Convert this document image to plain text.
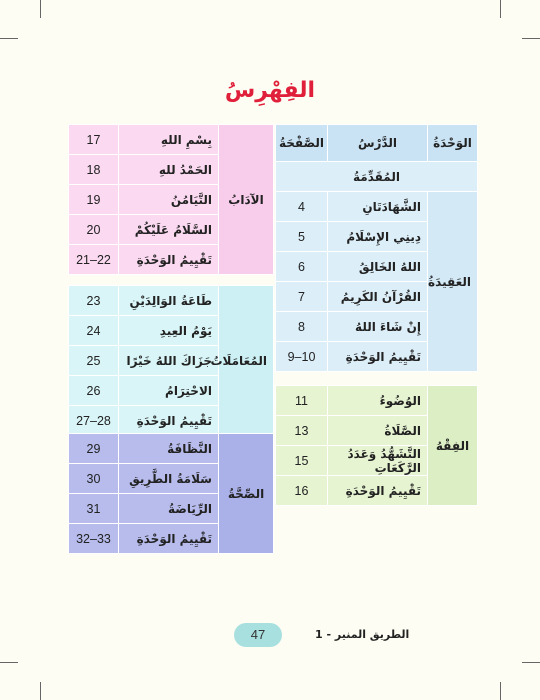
الفِهْرِسُ
الوَحْدَةُ	الدَّرْسُ	الصَّفْحَةُ
المُقَدِّمَةُ		
العَقِيدَةُ	الشَّهَادَتَانِ	4
	دِينِي الإِسْلَامُ	5
	اللهُ الخَالِقُ	6
	القُرْآنُ الكَرِيمُ	7
	إِنْ شَاءَ اللهُ	8
	تَقْيِيمُ الوَحْدَةِ	9–10
الفِقْهُ	الوُضُوءُ	11
	الصَّلَاةُ	13
	التَّشَهُّدُ وَعَدَدُ الرَّكَعَاتِ	15
	تَقْيِيمُ الوَحْدَةِ	16
الآدَابُ	بِسْمِ اللهِ	17
	الحَمْدُ للهِ	18
	التَّيَامُنُ	19
	السَّلَامُ عَلَيْكُمْ	20
	تَقْيِيمُ الوَحْدَةِ	21–22
المُعَامَلَاتُ	طَاعَةُ الوَالِدَيْنِ	23
	يَوْمُ العِيدِ	24
	جَزَاكَ اللهُ خَيْرًا	25
	الاحْتِرَامُ	26
	تَقْيِيمُ الوَحْدَةِ	27–28
الصِّحَّةُ	النَّظَافَةُ	29
	سَلَامَةُ الطَّرِيقِ	30
	الرِّيَاضَةُ	31
	تَقْيِيمُ الوَحْدَةِ	32–33
47	الطريق المنير - 1
